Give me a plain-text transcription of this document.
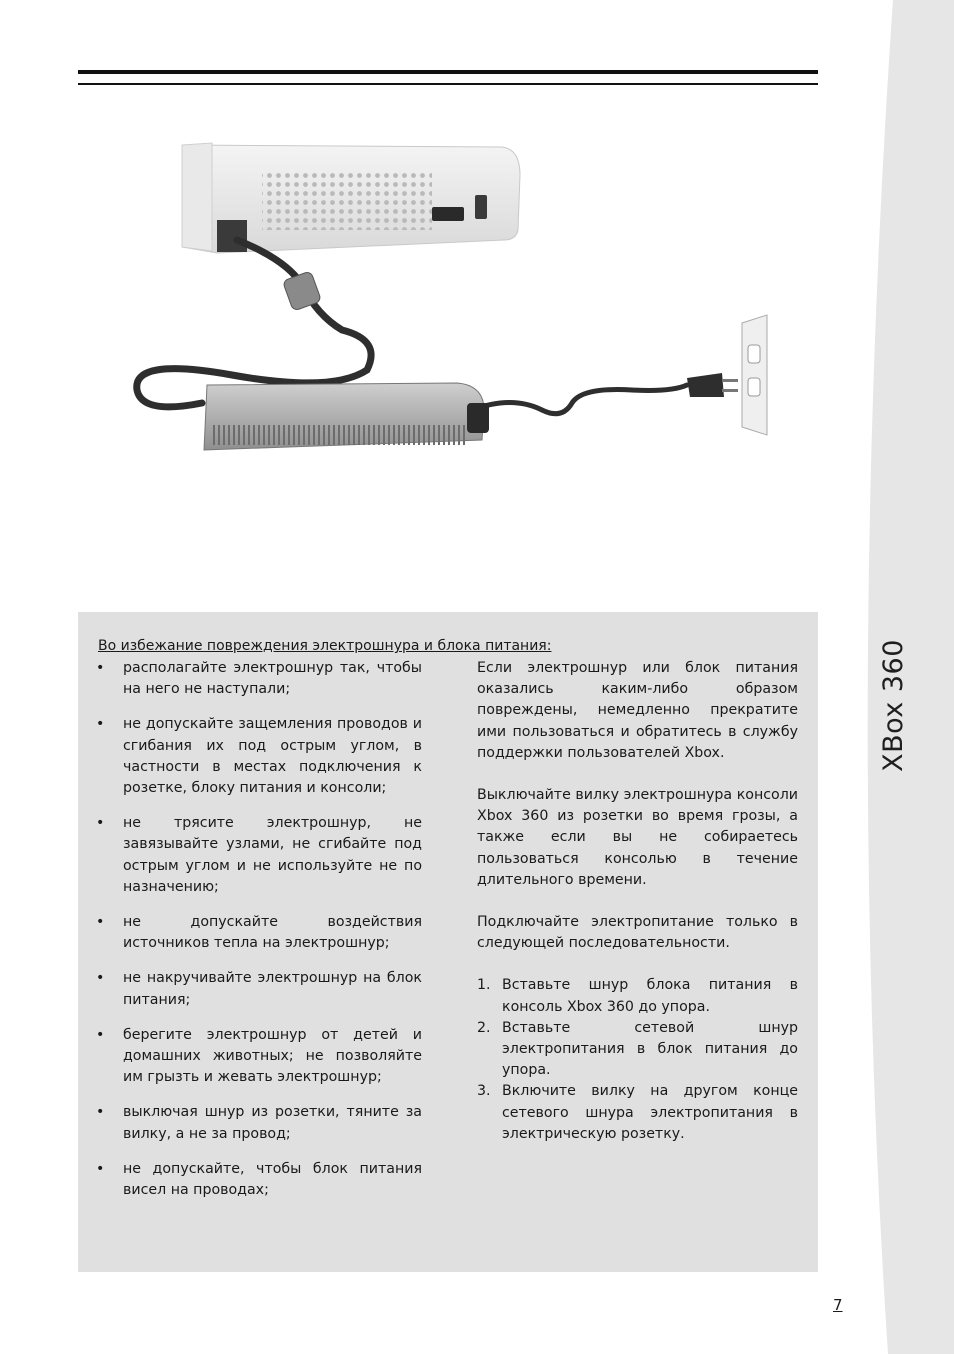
XBox 360
Во избежание повреждения электрошнура и блока питания:
• располагайте электрошнур так, чтобы на него не наступали;
• не допускайте защемления проводов и сгибания их под острым углом, в частности в местах подключения к розетке, блоку питания и консоли;
• не трясите электрошнур, не завязывайте узлами, не сгибайте под острым углом и не используйте не по назначению;
• не допускайте воздействия источников тепла на электрошнур;
• не накручивайте электрошнур на блок питания;
• берегите электрошнур от детей и домашних животных; не позволяйте им грызть и жевать электрошнур;
• выключая шнур из розетки, тяните за вилку, а не за провод;
• не допускайте, чтобы блок питания висел на проводах;
Если электрошнур или блок питания оказались каким-либо образом повреждены, немедленно прекратите ими пользоваться и обратитесь в службу поддержки пользователей Xbox.
Выключайте вилку электрошнура консоли Xbox 360 из розетки во время грозы, а также если вы не собираетесь пользоваться консолью в течение длительного времени.
Подключайте электропитание только в следующей последовательности.
1. Вставьте шнур блока питания в консоль Xbox 360 до упора.
2. Вставьте сетевой шнур электропитания в блок питания до упора.
3. Включите вилку на другом конце сетевого шнура электропитания в электрическую розетку.
7
